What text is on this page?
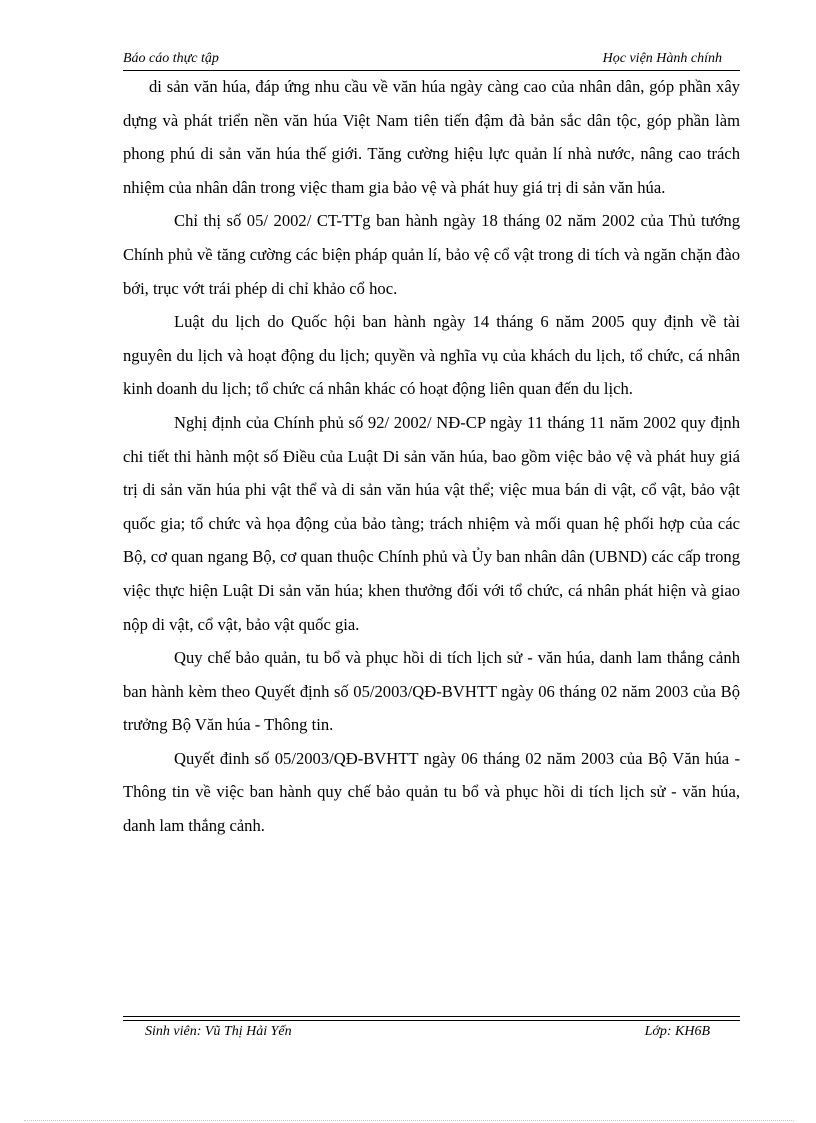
Báo cáo thực tập	Học viện Hành chính

di sản văn húa, đáp ứng nhu cầu về văn húa ngày càng cao của nhân dân, góp phần xây dựng và phát triển nền văn húa Việt Nam tiên tiến đậm đà bản sắc dân tộc, góp phần làm phong phú di sản văn húa thế giới. Tăng cường hiệu lực quản lí nhà nước, nâng cao trách nhiệm của nhân dân trong việc tham gia bảo vệ và phát huy giá trị di sản văn húa.

Chỉ thị số 05/ 2002/ CT-TTg ban hành ngày 18 tháng 02 năm 2002 của Thủ tướng Chính phủ về tăng cường các biện pháp quản lí, bảo vệ cổ vật trong di tích và ngăn chặn đào bới, trục vớt trái phép di chỉ khảo cổ hoc.

Luật du lịch do Quốc hội ban hành ngày 14 tháng 6 năm 2005 quy định về tài nguyên du lịch và hoạt động du lịch; quyền và nghĩa vụ của khách du lịch, tổ chức, cá nhân kinh doanh du lịch; tổ chức cá nhân khác có hoạt động liên quan đến du lịch.

Nghị định của Chính phủ số 92/ 2002/ NĐ-CP ngày 11 tháng 11 năm 2002 quy định chi tiết thi hành một số Điều của Luật Di sản văn húa, bao gồm việc bảo vệ và phát huy giá trị di sản văn húa phi vật thể và di sản văn húa vật thể; việc mua bán di vật, cổ vật, bảo vật quốc gia; tổ chức và họa động của bảo tàng; trách nhiệm và mối quan hệ phối hợp của các Bộ, cơ quan ngang Bộ, cơ quan thuộc Chính phủ và Ủy ban nhân dân (UBND) các cấp trong việc thực hiện Luật Di sản văn húa; khen thưởng đối với tổ chức, cá nhân phát hiện và giao nộp di vật, cổ vật, bảo vật quốc gia.

Quy chế bảo quản, tu bổ và phục hồi di tích lịch sử - văn húa, danh lam thắng cảnh ban hành kèm theo Quyết định số 05/2003/QĐ-BVHTT ngày 06 tháng 02 năm 2003 của Bộ trưởng Bộ Văn húa - Thông tin.

Quyết đinh số 05/2003/QĐ-BVHTT ngày 06 tháng 02 năm 2003 của Bộ Văn húa - Thông tin về việc ban hành quy chế bảo quản tu bổ và phục hồi di tích lịch sử - văn húa, danh lam thắng cảnh.

Sinh viên: Vũ Thị Hải Yến	Lớp: KH6B
